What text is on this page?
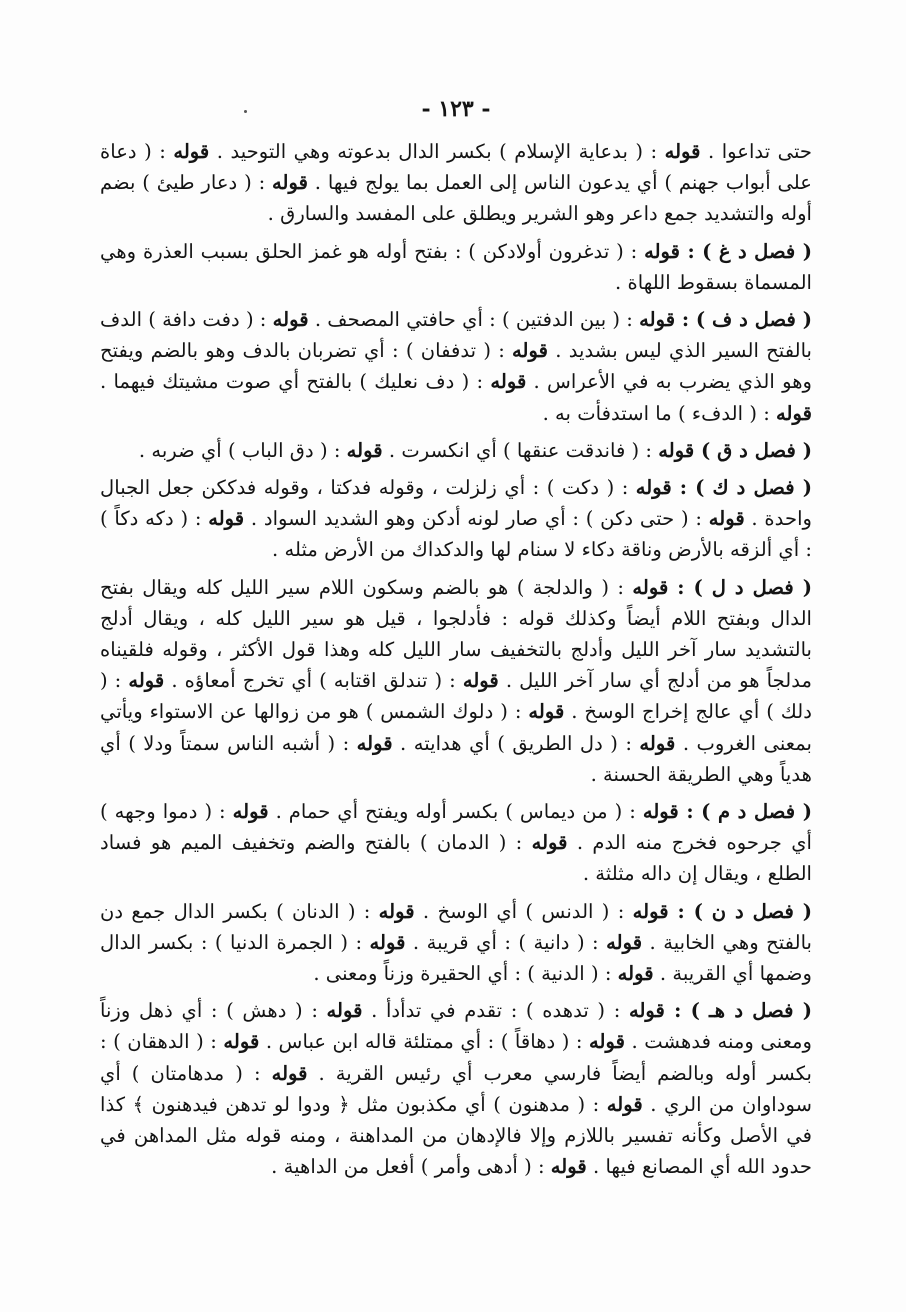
- ١٢٣ -

حتى تداعوا . قوله : ( بدعاية الإسلام ) بكسر الدال بدعوته وهي التوحيد . قوله : ( دعاة على أبواب جهنم ) أي يدعون الناس إلى العمل بما يولج فيها . قوله : ( دعار طيئ ) بضم أوله والتشديد جمع داعر وهو الشرير ويطلق على المفسد والسارق .

( فصل د غ ) : قوله : ( تدغرون أولادكن ) : بفتح أوله هو غمز الحلق بسبب العذرة وهي المسماة بسقوط اللهاة .

( فصل د ف ) : قوله : ( بين الدفتين ) : أي حافتي المصحف . قوله : ( دفت دافة ) الدف بالفتح السير الذي ليس بشديد . قوله : ( تدففان ) : أي تضربان بالدف وهو بالضم ويفتح وهو الذي يضرب به في الأعراس . قوله : ( دف نعليك ) بالفتح أي صوت مشيتك فيهما . قوله : ( الدفء ) ما استدفأت به .

( فصل د ق ) قوله : ( فاندقت عنقها ) أي انكسرت . قوله : ( دق الباب ) أي ضربه .

( فصل د ك ) : قوله : ( دكت ) : أي زلزلت ، وقوله فدكتا ، وقوله فدككن جعل الجبال واحدة . قوله : ( حتى دكن ) : أي صار لونه أدكن وهو الشديد السواد . قوله : ( دكه دكاً ) : أي ألزقه بالأرض وناقة دكاء لا سنام لها والدكداك من الأرض مثله .

( فصل د ل ) : قوله : ( والدلجة ) هو بالضم وسكون اللام سير الليل كله ويقال بفتح الدال وبفتح اللام أيضاً وكذلك قوله : فأدلجوا ، قيل هو سير الليل كله ، ويقال أدلج بالتشديد سار آخر الليل وأدلج بالتخفيف سار الليل كله وهذا قول الأكثر ، وقوله فلقيناه مدلجاً هو من أدلج أي سار آخر الليل . قوله : ( تندلق اقتابه ) أي تخرج أمعاؤه . قوله : ( دلك ) أي عالج إخراج الوسخ . قوله : ( دلوك الشمس ) هو من زوالها عن الاستواء ويأتي بمعنى الغروب . قوله : ( دل الطريق ) أي هدايته . قوله : ( أشبه الناس سمتاً ودلا ) أي هدياً وهي الطريقة الحسنة .

( فصل د م ) : قوله : ( من ديماس ) بكسر أوله ويفتح أي حمام . قوله : ( دموا وجهه ) أي جرحوه فخرج منه الدم . قوله : ( الدمان ) بالفتح والضم وتخفيف الميم هو فساد الطلع ، ويقال إن داله مثلثة .

( فصل د ن ) : قوله : ( الدنس ) أي الوسخ . قوله : ( الدنان ) بكسر الدال جمع دن بالفتح وهي الخابية . قوله : ( دانية ) : أي قريبة . قوله : ( الجمرة الدنيا ) : بكسر الدال وضمها أي القريبة . قوله : ( الدنية ) : أي الحقيرة وزناً ومعنى .

( فصل د هـ ) : قوله : ( تدهده ) : تقدم في تدأدأ . قوله : ( دهش ) : أي ذهل وزناً ومعنى ومنه فدهشت . قوله : ( دهاقاً ) : أي ممتلئة قاله ابن عباس . قوله : ( الدهقان ) : بكسر أوله وبالضم أيضاً فارسي معرب أي رئيس القرية . قوله : ( مدهامتان ) أي سوداوان من الري . قوله : ( مدهنون ) أي مكذبون مثل ﴿ ودوا لو تدهن فيدهنون ﴾ كذا في الأصل وكأنه تفسير باللازم وإلا فالإدهان من المداهنة ، ومنه قوله مثل المداهن في حدود الله أي المصانع فيها . قوله : ( أدهى وأمر ) أفعل من الداهية .
